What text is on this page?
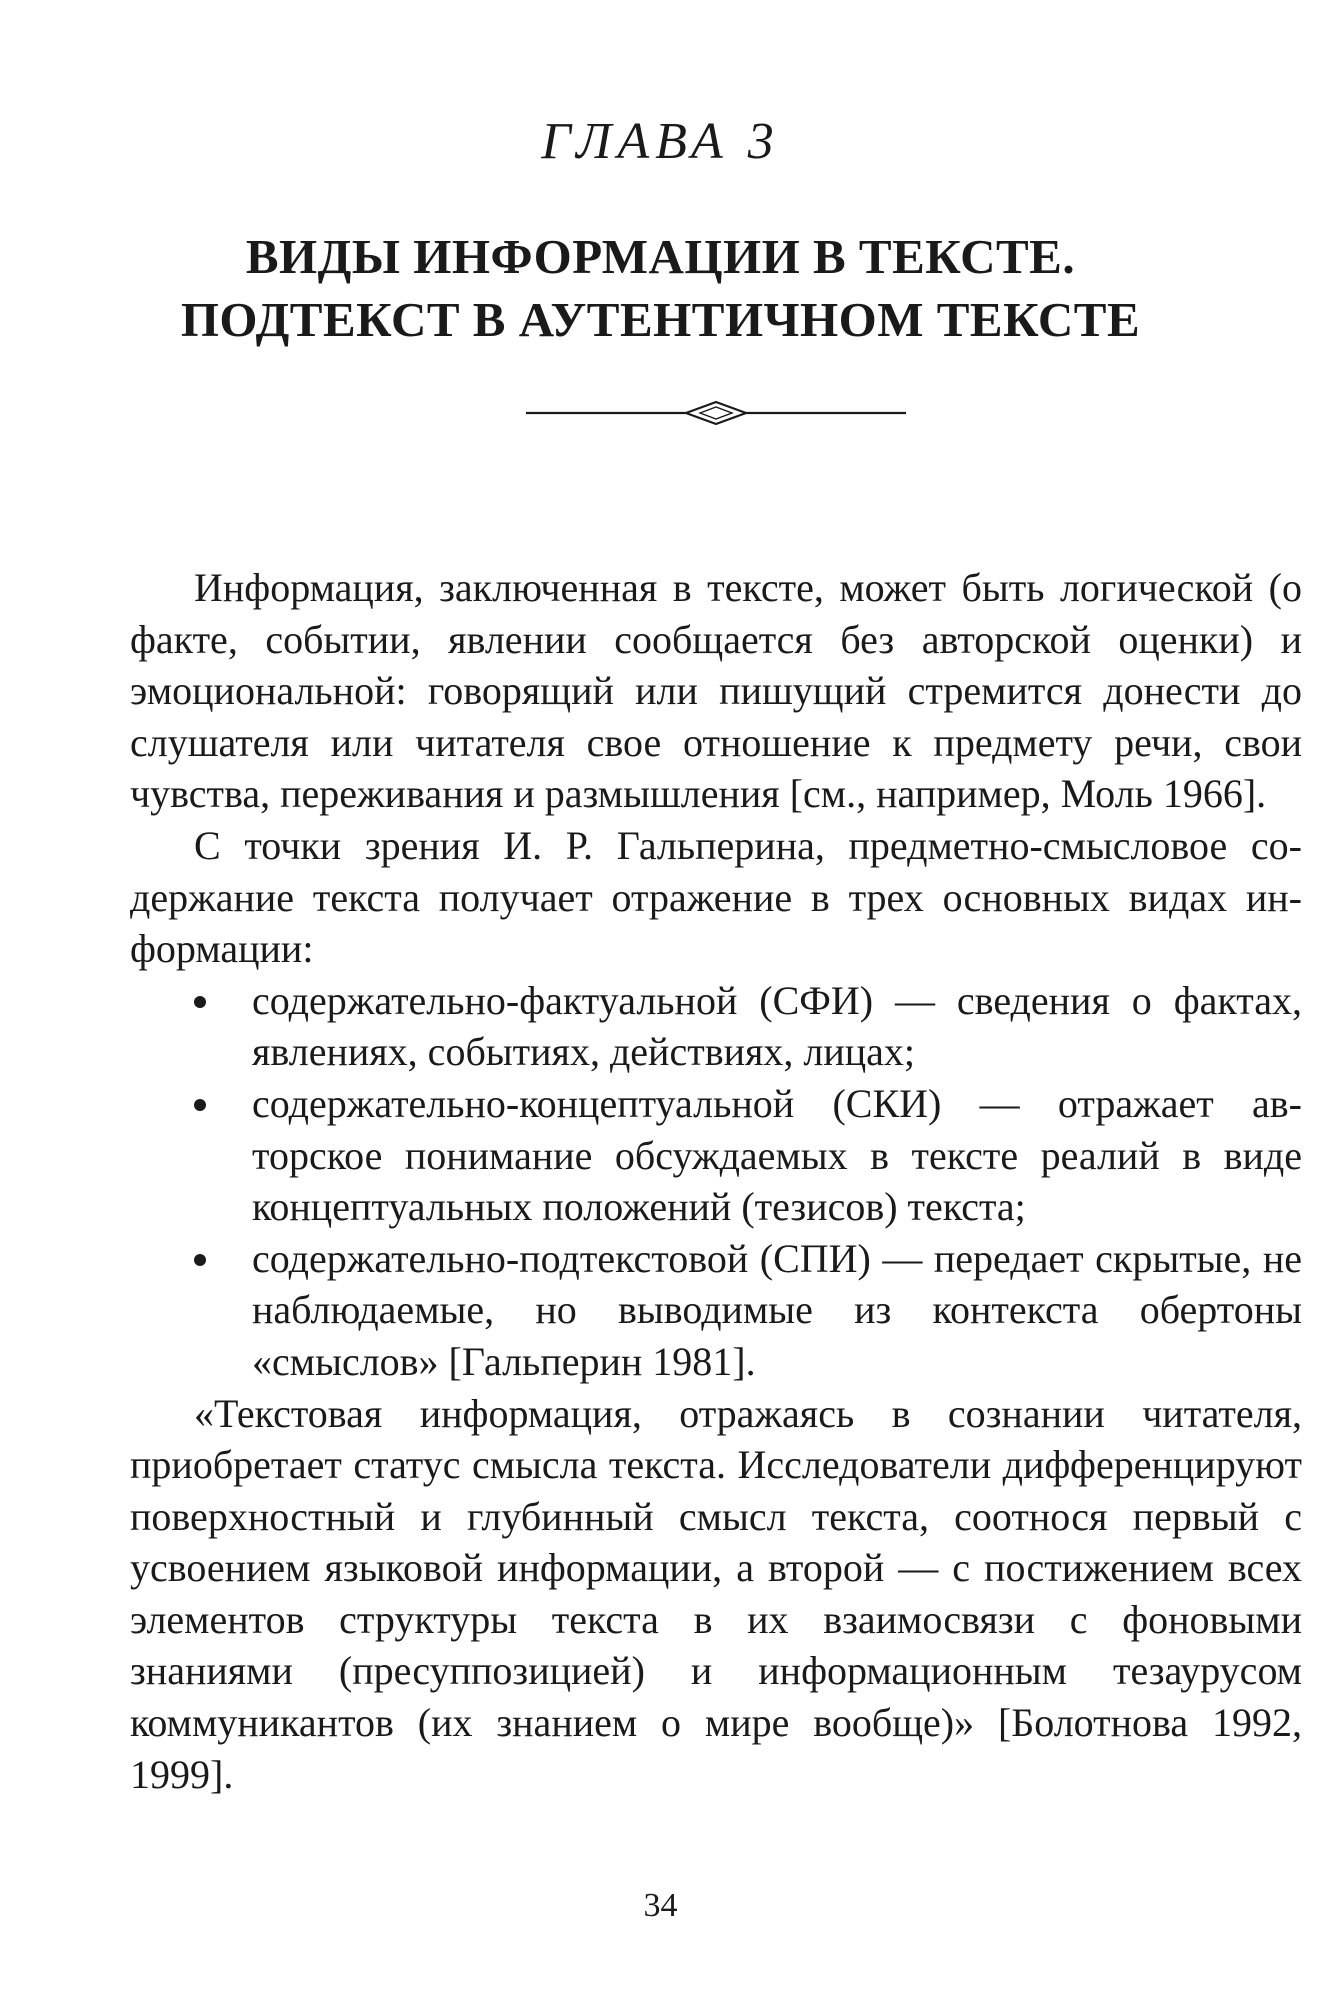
ГЛАВА 3
ВИДЫ ИНФОРМАЦИИ В ТЕКСТЕ.
ПОДТЕКСТ В АУТЕНТИЧНОМ ТЕКСТЕ

Информация, заключенная в тексте, может быть логической (о факте, событии, явлении сообщается без авторской оценки) и эмоциональной: говорящий или пишущий стремится донести до слушателя или читателя свое отношение к предмету речи, свои чувства, переживания и размышления [см., например, Моль 1966].

С точки зрения И. Р. Гальперина, предметно-смысловое содержание текста получает отражение в трех основных видах информации:

содержательно-фактуальной (СФИ) — сведения о фактах, явлениях, событиях, действиях, лицах;
содержательно-концептуальной (СКИ) — отражает авторское понимание обсуждаемых в тексте реалий в виде концептуальных положений (тезисов) текста;
содержательно-подтекстовой (СПИ) — передает скрытые, не наблюдаемые, но выводимые из контекста обертоны «смыслов» [Гальперин 1981].

«Текстовая информация, отражаясь в сознании читателя, приобретает статус смысла текста. Исследователи дифференцируют поверхностный и глубинный смысл текста, соотнося первый с усвоением языковой информации, а второй — с постижением всех элементов структуры текста в их взаимосвязи с фоновыми знаниями (пресуппозицией) и информационным тезаурусом коммуникантов (их знанием о мире вообще)» [Болотнова 1992, 1999].

34
